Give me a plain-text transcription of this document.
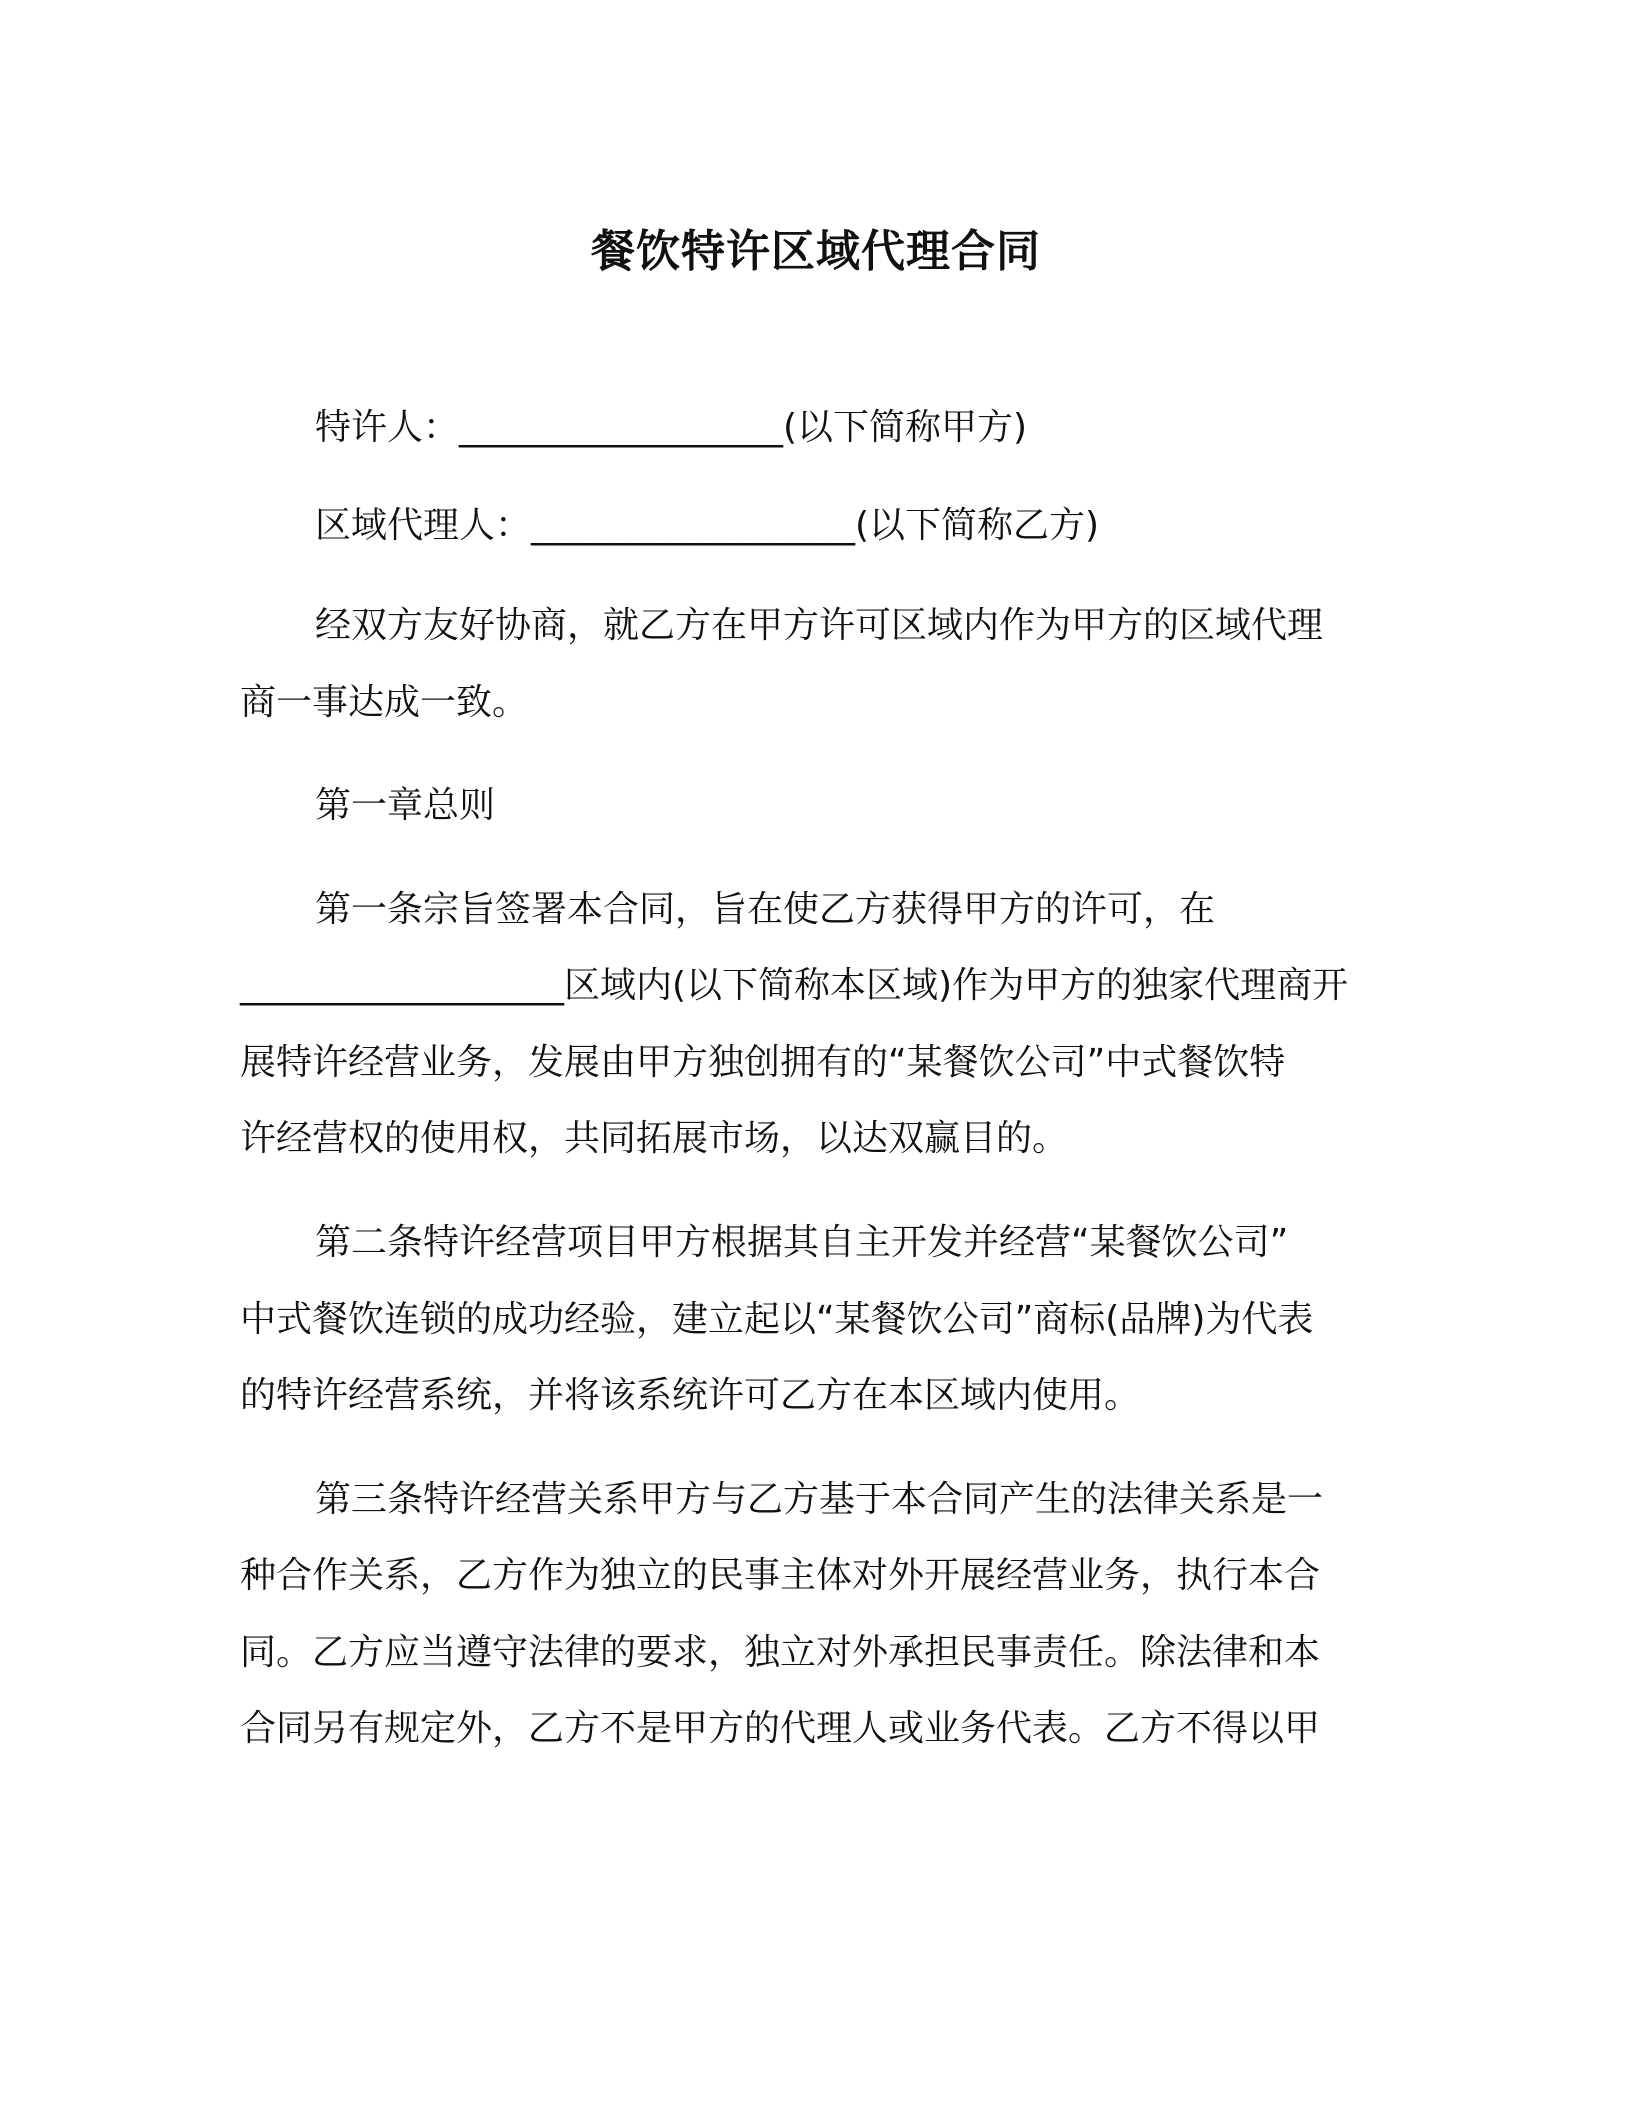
餐饮特许区域代理合同
特许人：__________________(以下简称甲方)
区域代理人：__________________(以下简称乙方)
经双方友好协商，就乙方在甲方许可区域内作为甲方的区域代理
商一事达成一致。
第一章总则
第一条宗旨签署本合同，旨在使乙方获得甲方的许可，在
__________________区域内(以下简称本区域)作为甲方的独家代理商开
展特许经营业务，发展由甲方独创拥有的“某餐饮公司”中式餐饮特
许经营权的使用权，共同拓展市场，以达双赢目的。
第二条特许经营项目甲方根据其自主开发并经营“某餐饮公司”
中式餐饮连锁的成功经验，建立起以“某餐饮公司”商标(品牌)为代表
的特许经营系统，并将该系统许可乙方在本区域内使用。
第三条特许经营关系甲方与乙方基于本合同产生的法律关系是一
种合作关系，乙方作为独立的民事主体对外开展经营业务，执行本合
同。乙方应当遵守法律的要求，独立对外承担民事责任。除法律和本
合同另有规定外，乙方不是甲方的代理人或业务代表。乙方不得以甲
